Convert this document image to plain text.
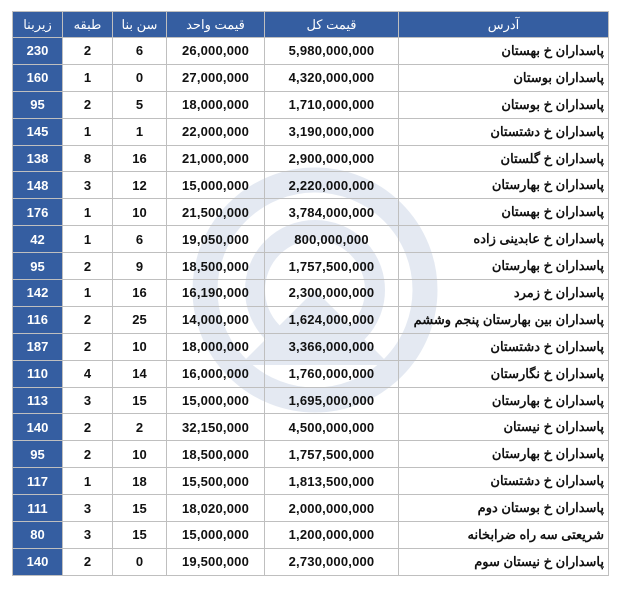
زیربنا	طبقه	سن بنا	قیمت واحد	قیمت کل	آدرس
230	2	6	26,000,000	5,980,000,000	پاسداران خ بهستان
160	1	0	27,000,000	4,320,000,000	پاسداران بوستان
95	2	5	18,000,000	1,710,000,000	پاسداران خ بوستان
145	1	1	22,000,000	3,190,000,000	پاسداران خ دشتستان
138	8	16	21,000,000	2,900,000,000	پاسداران خ گلستان
148	3	12	15,000,000	2,220,000,000	پاسداران خ بهارستان
176	1	10	21,500,000	3,784,000,000	پاسداران خ بهستان
42	1	6	19,050,000	800,000,000	پاسداران خ عابدینی زاده
95	2	9	18,500,000	1,757,500,000	پاسداران خ بهارستان
142	1	16	16,190,000	2,300,000,000	پاسداران خ زمرد
116	2	25	14,000,000	1,624,000,000	پاسداران بین بهارستان پنجم وششم
187	2	10	18,000,000	3,366,000,000	پاسداران خ دشتستان
110	4	14	16,000,000	1,760,000,000	پاسداران خ نگارستان
113	3	15	15,000,000	1,695,000,000	پاسداران خ بهارستان
140	2	2	32,150,000	4,500,000,000	پاسداران خ نیستان
95	2	10	18,500,000	1,757,500,000	پاسداران خ بهارستان
117	1	18	15,500,000	1,813,500,000	پاسداران خ دشتستان
111	3	15	18,020,000	2,000,000,000	پاسداران خ بوستان دوم
80	3	15	15,000,000	1,200,000,000	شریعتی سه راه ضرابخانه
140	2	0	19,500,000	2,730,000,000	پاسداران خ نیستان سوم
